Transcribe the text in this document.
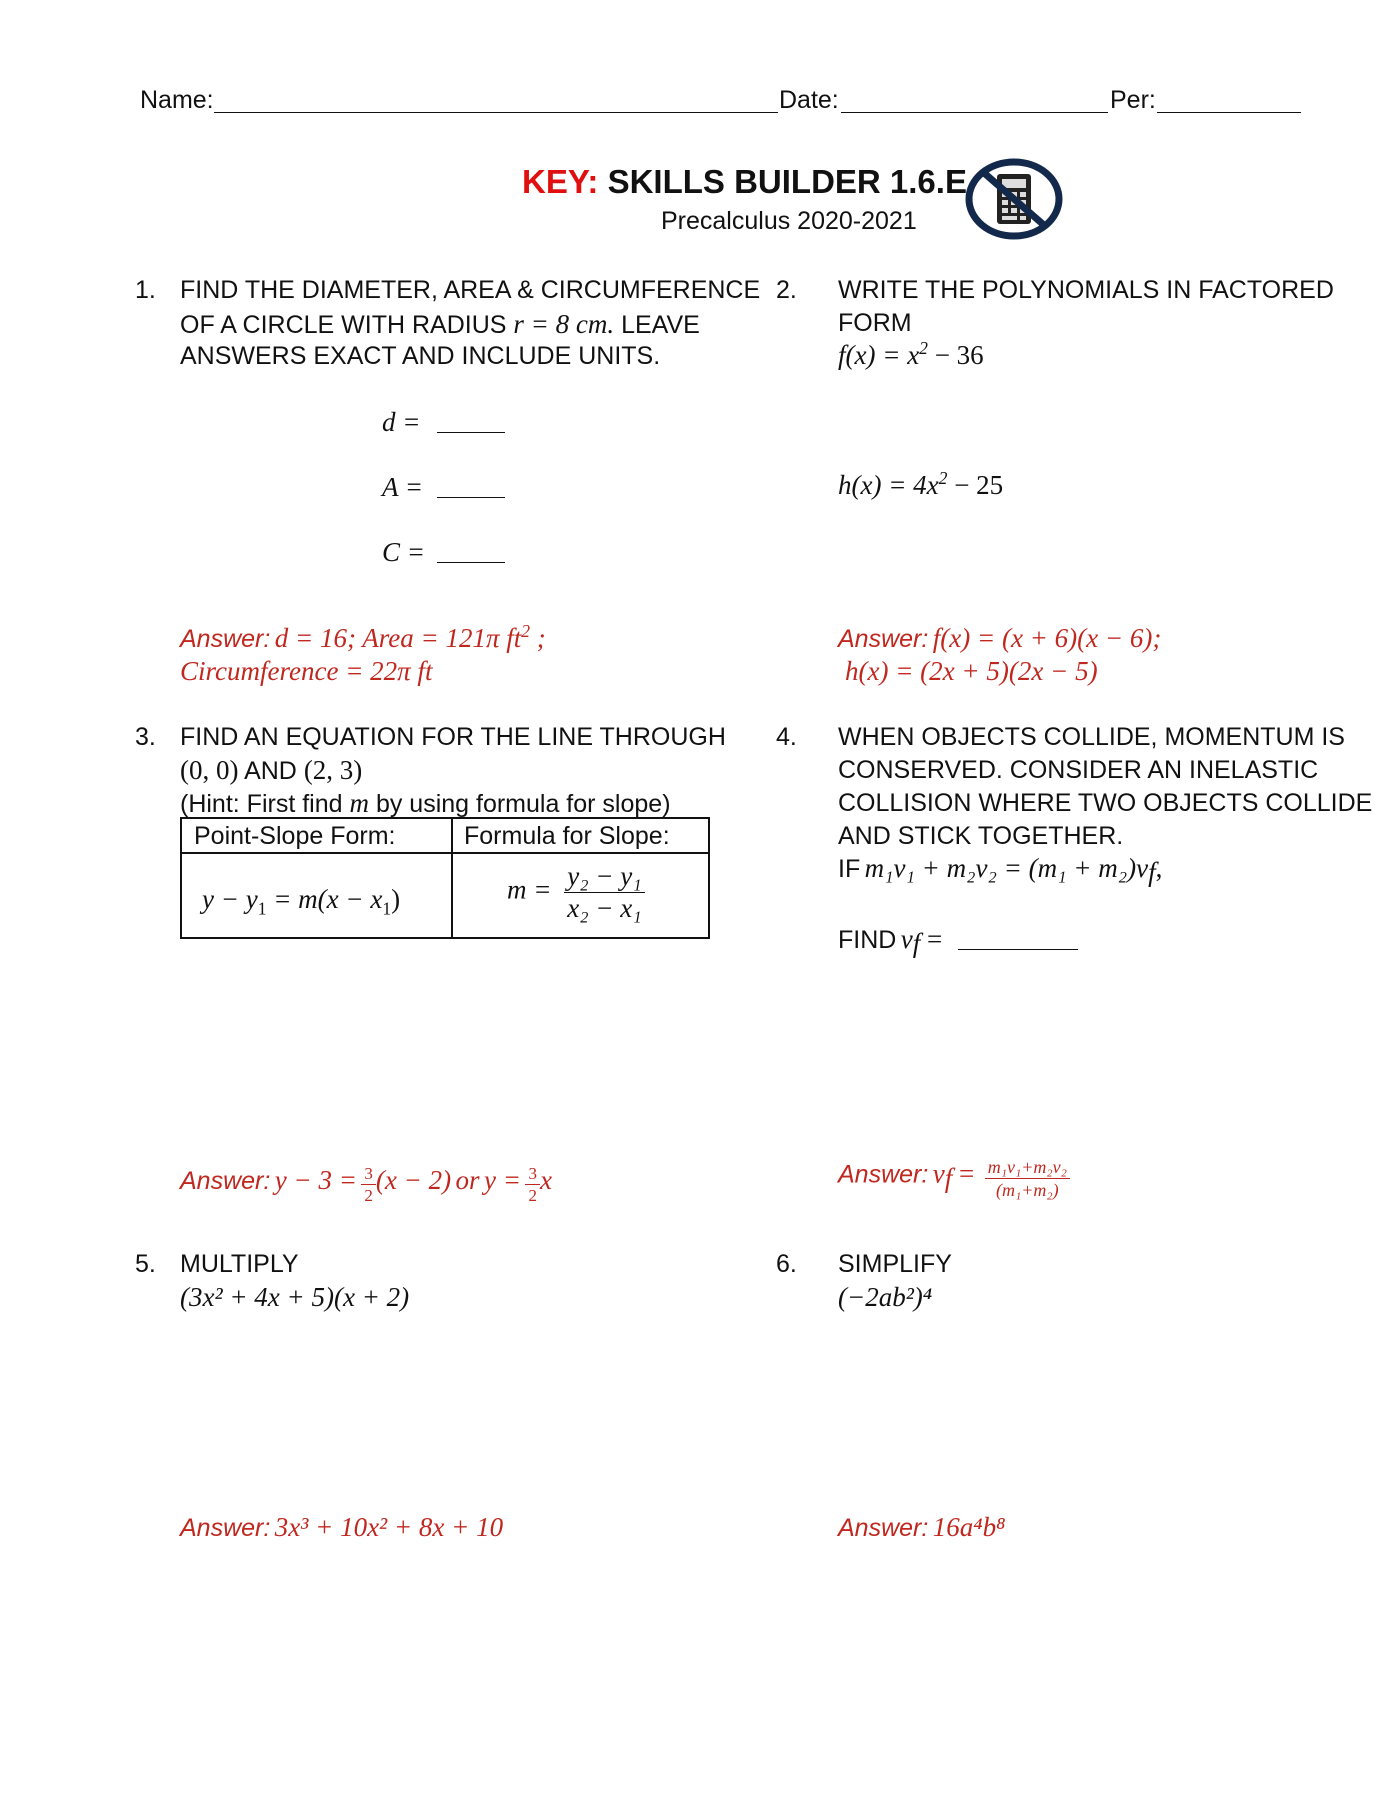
Name:	Date:	Per:
KEY: SKILLS BUILDER 1.6.E
Precalculus 2020-2021
1. FIND THE DIAMETER, AREA & CIRCUMFERENCE
OF A CIRCLE WITH RADIUS r = 8 cm. LEAVE
ANSWERS EXACT AND INCLUDE UNITS.
d =
A =
C =
Answer: d = 16; Area = 121π $ft^2$ ;
Circumference = 22π ft
2. WRITE THE POLYNOMIALS IN FACTORED
FORM
$f(x) = x^2 - 36$
$h(x) = 4x^2 - 25$
Answer: f(x) = (x + 6)(x − 6);
h(x) = (2x + 5)(2x − 5)
3. FIND AN EQUATION FOR THE LINE THROUGH
(0, 0) AND (2, 3)
(Hint: First find m by using formula for slope)
Point-Slope Form:	Formula for Slope:
$y - y_1 = m(x - x_1)$	$m = \frac{\text{y₂ − y₁}}{\text{x₂ − x₁}}$
Answer: $y - 3 = \frac{3}{2} (x - 2)$ or $y = \frac{3}{2}$ x
4. WHEN OBJECTS COLLIDE, MOMENTUM IS
CONSERVED. CONSIDER AN INELASTIC
COLLISION WHERE TWO OBJECTS COLLIDE
AND STICK TOGETHER.
IF $m_1v_1 + m_2v_2 = (m_1 + m_2)v_f$,
FIND $v_f$ =
Answer: $v_f = \frac{\text{m₁v₁+m₂v₂}}{\text{(m₁+m₂)}}$
5. MULTIPLY
(3x² + 4x + 5)(x + 2)
Answer: 3x³ + 10x² + 8x + 10
6. SIMPLIFY
(−2ab²)⁴
Answer: 16a⁴b⁸
